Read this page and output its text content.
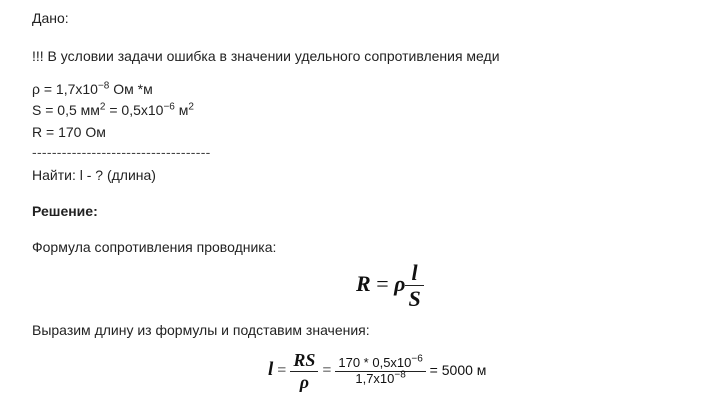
Дано:
!!! В условии задачи ошибка в значении удельного сопротивления меди
$\rho = 1,7x10^{-8}$ Ом *м
S = 0,5 $мм^2 = 0,5x10^{-6}$ $м^2$
R = 170 Ом
------------------------------------
Найти: l - ? (длина)
Решение:
Формула сопротивления проводника:
R = ρ $\frac{l}{S}$
Выразим длину из формулы и подставим значения:
$l = \frac{RS}{\rho} = \frac{170 * 0,5x10^{-6}}{1,7x10^{-8}} = 5000$ м
